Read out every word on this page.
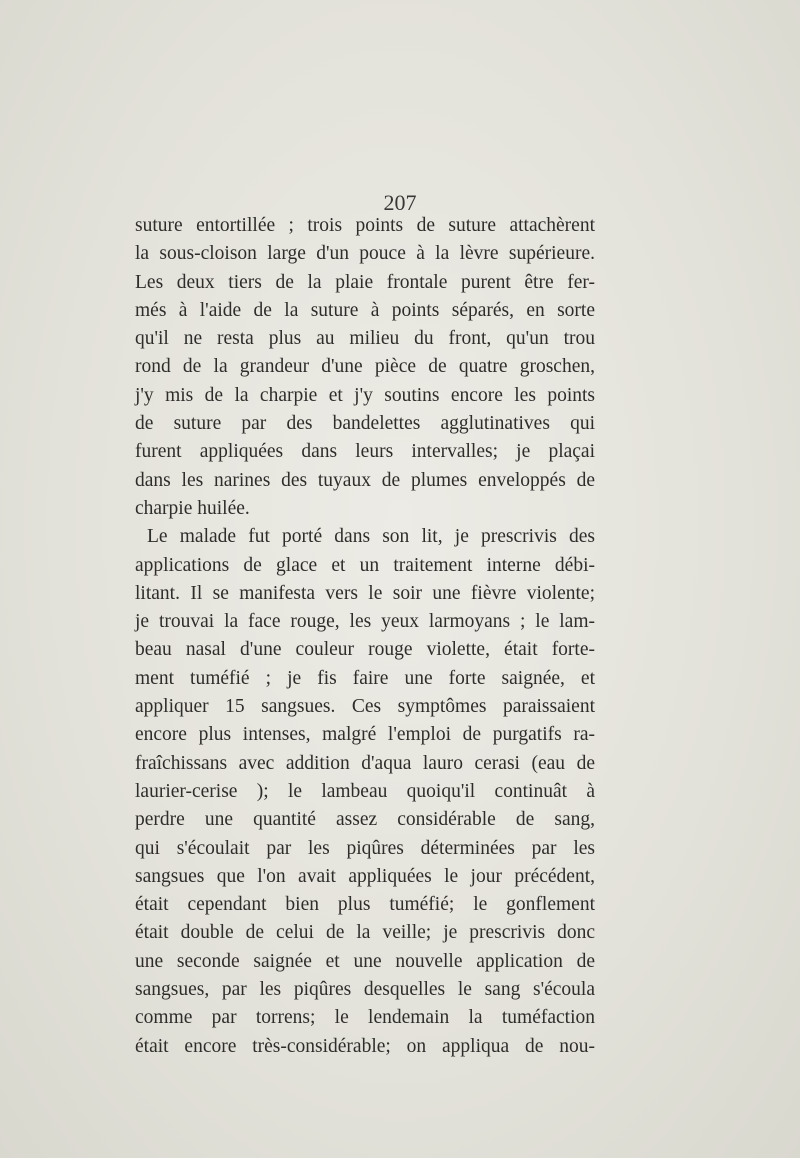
207
suture entortillée ; trois points de suture attachèrent
la sous-cloison large d'un pouce à la lèvre supérieure.
Les deux tiers de la plaie frontale purent être fer-
més à l'aide de la suture à points séparés, en sorte
qu'il ne resta plus au milieu du front, qu'un trou
rond de la grandeur d'une pièce de quatre groschen,
j'y mis de la charpie et j'y soutins encore les points
de suture par des bandelettes agglutinatives qui
furent appliquées dans leurs intervalles; je plaçai
dans les narines des tuyaux de plumes enveloppés de
charpie huilée.
Le malade fut porté dans son lit, je prescrivis des
applications de glace et un traitement interne débi-
litant. Il se manifesta vers le soir une fièvre violente;
je trouvai la face rouge, les yeux larmoyans ; le lam-
beau nasal d'une couleur rouge violette, était forte-
ment tuméfié ; je fis faire une forte saignée, et
appliquer 15 sangsues. Ces symptômes paraissaient
encore plus intenses, malgré l'emploi de purgatifs ra-
fraîchissans avec addition d'aqua lauro cerasi (eau de
laurier-cerise ); le lambeau quoiqu'il continuât à
perdre une quantité assez considérable de sang,
qui s'écoulait par les piqûres déterminées par les
sangsues que l'on avait appliquées le jour précédent,
était cependant bien plus tuméfié; le gonflement
était double de celui de la veille; je prescrivis donc
une seconde saignée et une nouvelle application de
sangsues, par les piqûres desquelles le sang s'écoula
comme par torrens; le lendemain la tuméfaction
était encore très-considérable; on appliqua de nou-
